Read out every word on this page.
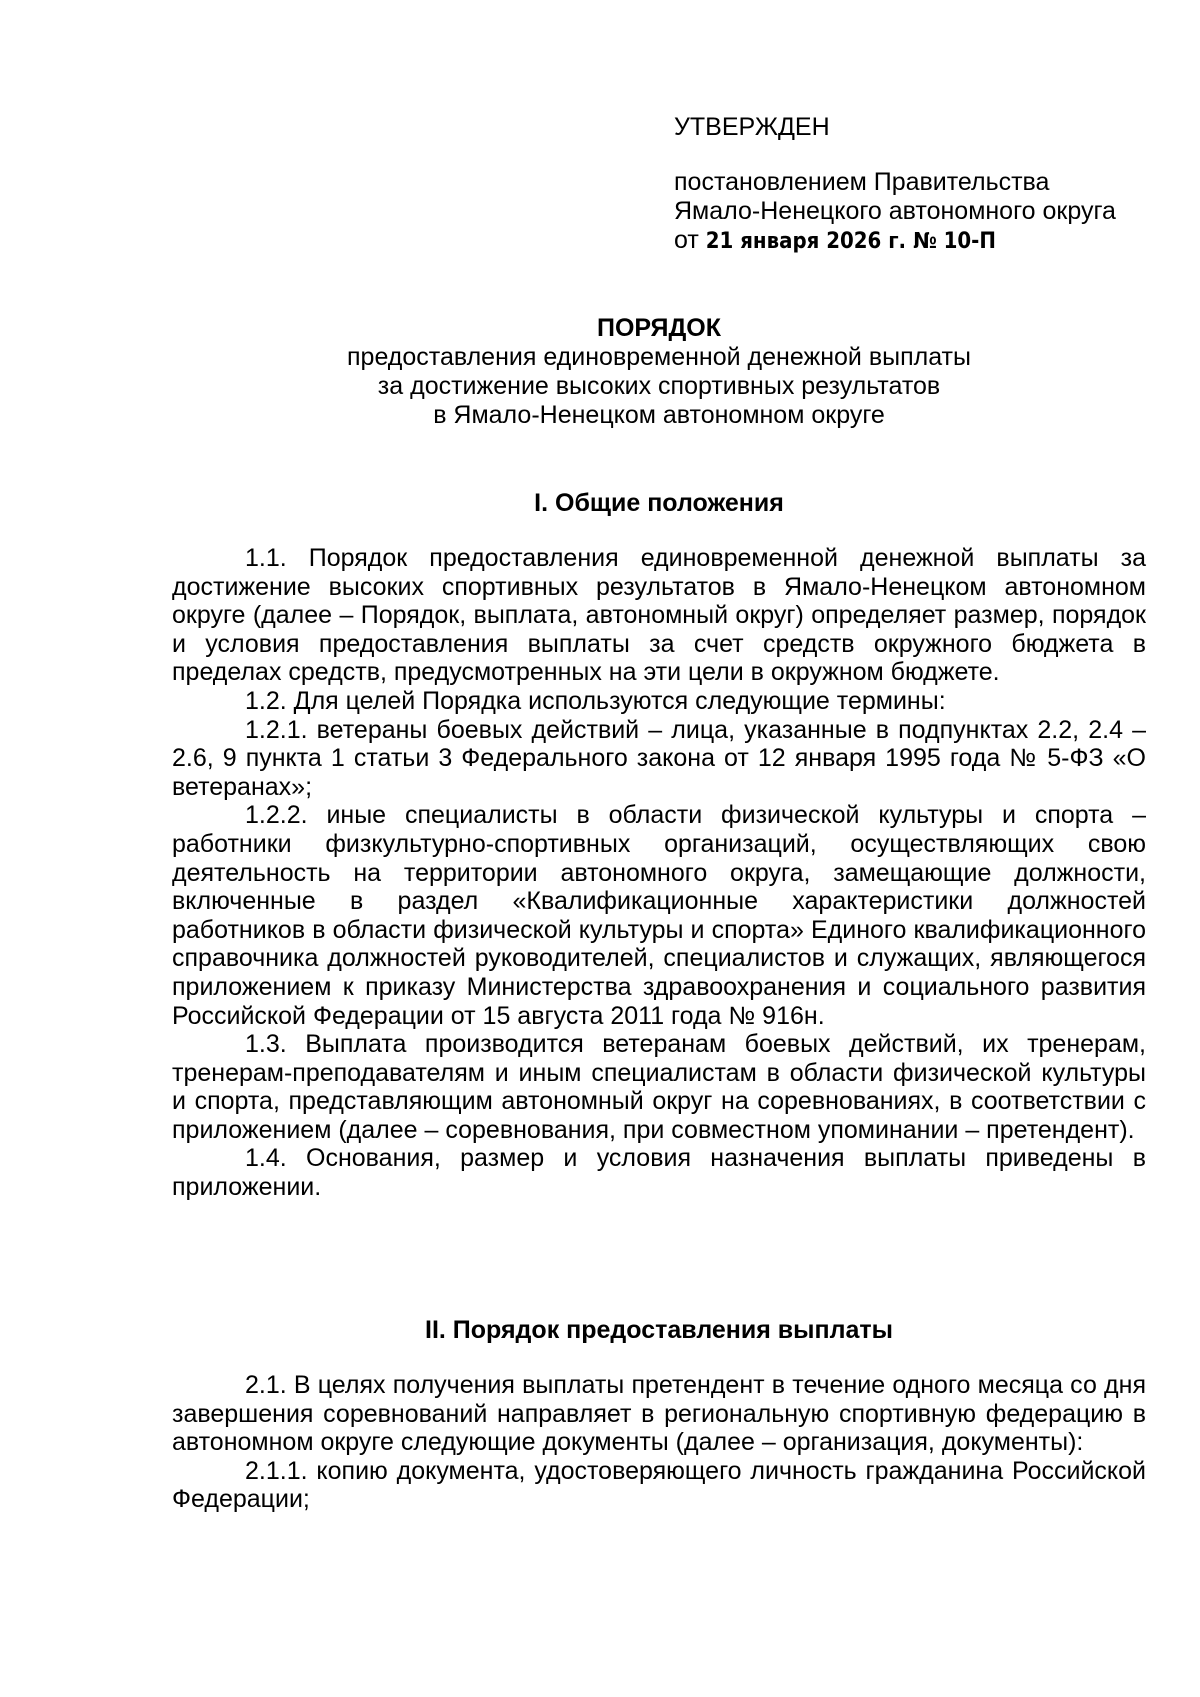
УТВЕРЖДЕН
постановлением Правительства
Ямало-Ненецкого автономного округа
от 21 января 2026 г. № 10-П
ПОРЯДОК
предоставления единовременной денежной выплаты
за достижение высоких спортивных результатов
в Ямало-Ненецком автономном округе
I. Общие положения

1.1. Порядок предоставления единовременной денежной выплаты за достижение высоких спортивных результатов в Ямало-Ненецком автономном округе (далее – Порядок, выплата, автономный округ) определяет размер, порядок и условия предоставления выплаты за счет средств окружного бюджета в пределах средств, предусмотренных на эти цели в окружном бюджете.

1.2. Для целей Порядка используются следующие термины:

1.2.1. ветераны боевых действий – лица, указанные в подпунктах 2.2, 2.4 – 2.6, 9 пункта 1 статьи 3 Федерального закона от 12 января 1995 года № 5-ФЗ «О ветеранах»;

1.2.2. иные специалисты в области физической культуры и спорта – работники физкультурно-спортивных организаций, осуществляющих свою деятельность на территории автономного округа, замещающие должности, включенные в раздел «Квалификационные характеристики должностей работников в области физической культуры и спорта» Единого квалификационного справочника должностей руководителей, специалистов и служащих, являющегося приложением к приказу Министерства здравоохранения и социального развития Российской Федерации от 15 августа 2011 года № 916н.

1.3. Выплата производится ветеранам боевых действий, их тренерам, тренерам-преподавателям и иным специалистам в области физической культуры и спорта, представляющим автономный округ на соревнованиях, в соответствии с приложением (далее – соревнования, при совместном упоминании – претендент).

1.4. Основания, размер и условия назначения выплаты приведены в приложении.

II. Порядок предоставления выплаты

2.1. В целях получения выплаты претендент в течение одного месяца со дня завершения соревнований направляет в региональную спортивную федерацию в автономном округе следующие документы (далее – организация, документы):

2.1.1. копию документа, удостоверяющего личность гражданина Российской Федерации;
